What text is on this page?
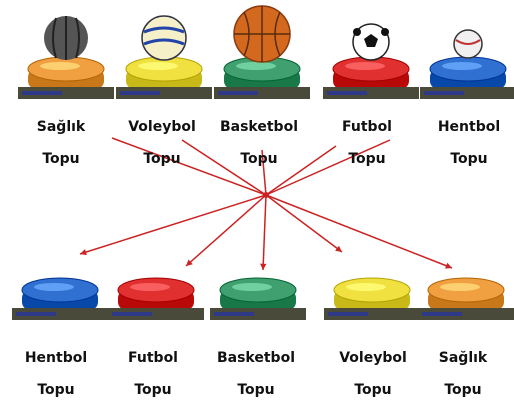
Sağlık

Topu

Voleybol

Topu

Basketbol

Topu

Futbol

Topu

Hentbol

Topu

Hentbol

Topu

Futbol

Topu

Basketbol

Topu

Voleybol

Topu

Sağlık

Topu
